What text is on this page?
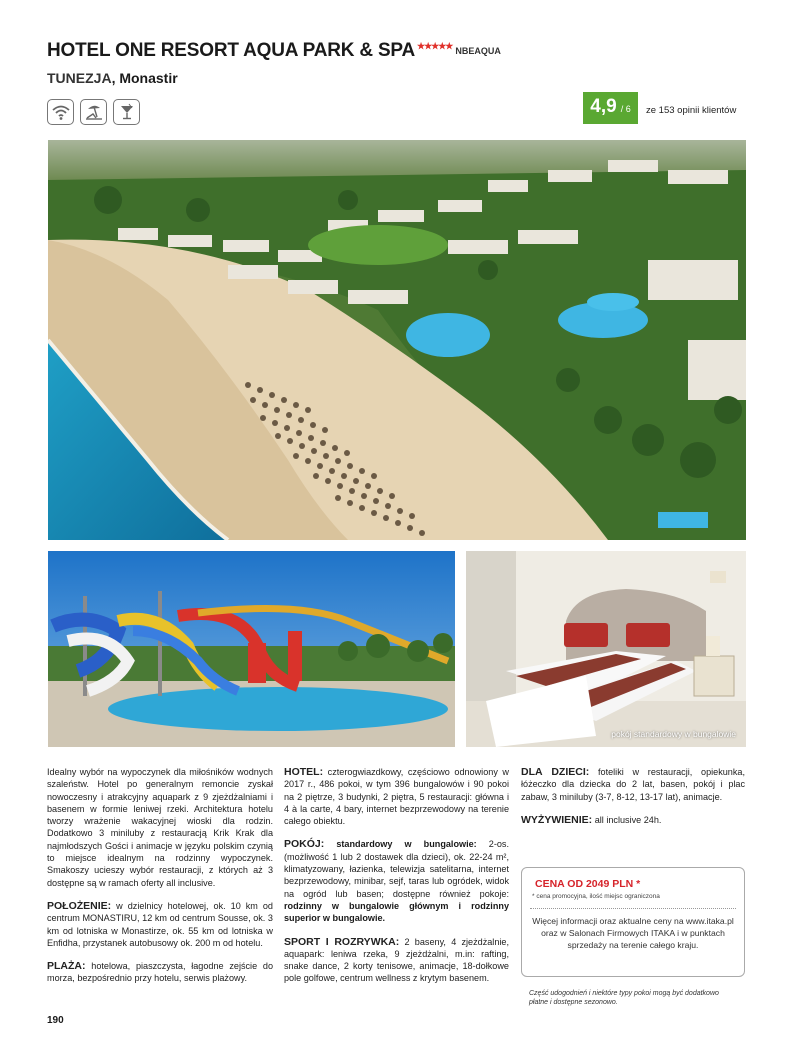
HOTEL ONE RESORT AQUA PARK & SPA ★★★★★ NBEAQUA
TUNEZJA, Monastir
4,9 / 6 ze 153 opinii klientów
pokój standardowy w bungalowie

Idealny wybór na wypoczynek dla miłośników wodnych szaleństw. Hotel po generalnym remoncie zyskał nowoczesny i atrakcyjny aquapark z 9 zjeżdżalniami i basenem w formie leniwej rzeki. Architektura hotelu tworzy wrażenie wakacyjnej wioski dla rodzin. Dodatkowo 3 miniluby z restauracją Krik Krak dla najmłodszych Gości i animacje w języku polskim czynią to miejsce idealnym na rodzinny wypoczynek. Smakoszy ucieszy wybór restauracji, z których aż 3 dostępne są w ramach oferty all inclusive.

POŁOŻENIE: w dzielnicy hotelowej, ok. 10 km od centrum MONASTIRU, 12 km od centrum Sousse, ok. 3 km od lotniska w Monastirze, ok. 55 km od lotniska w Enfidha, przystanek autobusowy ok. 200 m od hotelu.

PLAŻA: hotelowa, piaszczysta, łagodne zejście do morza, bezpośrednio przy hotelu, serwis plażowy.

HOTEL: czterogwiazdkowy, częściowo odnowiony w 2017 r., 486 pokoi, w tym 396 bungalowów i 90 pokoi na 2 piętrze, 3 budynki, 2 piętra, 5 restauracji: główna i 4 à la carte, 4 bary, internet bezprzewodowy na terenie całego obiektu.

POKÓJ: standardowy w bungalowie: 2-os. (możliwość 1 lub 2 dostawek dla dzieci), ok. 22-24 m², klimatyzowany, łazienka, telewizja satelitarna, internet bezprzewodowy, minibar, sejf, taras lub ogródek, widok na ogród lub basen; dostępne również pokoje: rodzinny w bungalowie głównym i rodzinny superior w bungalowie.

SPORT I ROZRYWKA: 2 baseny, 4 zjeżdżalnie, aquapark: leniwa rzeka, 9 zjeżdżalni, m.in: rafting, snake dance, 2 korty tenisowe, animacje, 18-dołkowe pole golfowe, centrum wellness z krytym basenem.

DLA DZIECI: foteliki w restauracji, opiekunka, łóżeczko dla dziecka do 2 lat, basen, pokój i plac zabaw, 3 miniluby (3-7, 8-12, 13-17 lat), animacje.

WYŻYWIENIE: all inclusive 24h.

CENA OD 2049 PLN *
* cena promocyjna, ilość miejsc ograniczona
Więcej informacji oraz aktualne ceny na www.itaka.pl oraz w Salonach Firmowych ITAKA i w punktach sprzedaży na terenie całego kraju.
Część udogodnień i niektóre typy pokoi mogą być dodatkowo płatne i dostępne sezonowo.
190
